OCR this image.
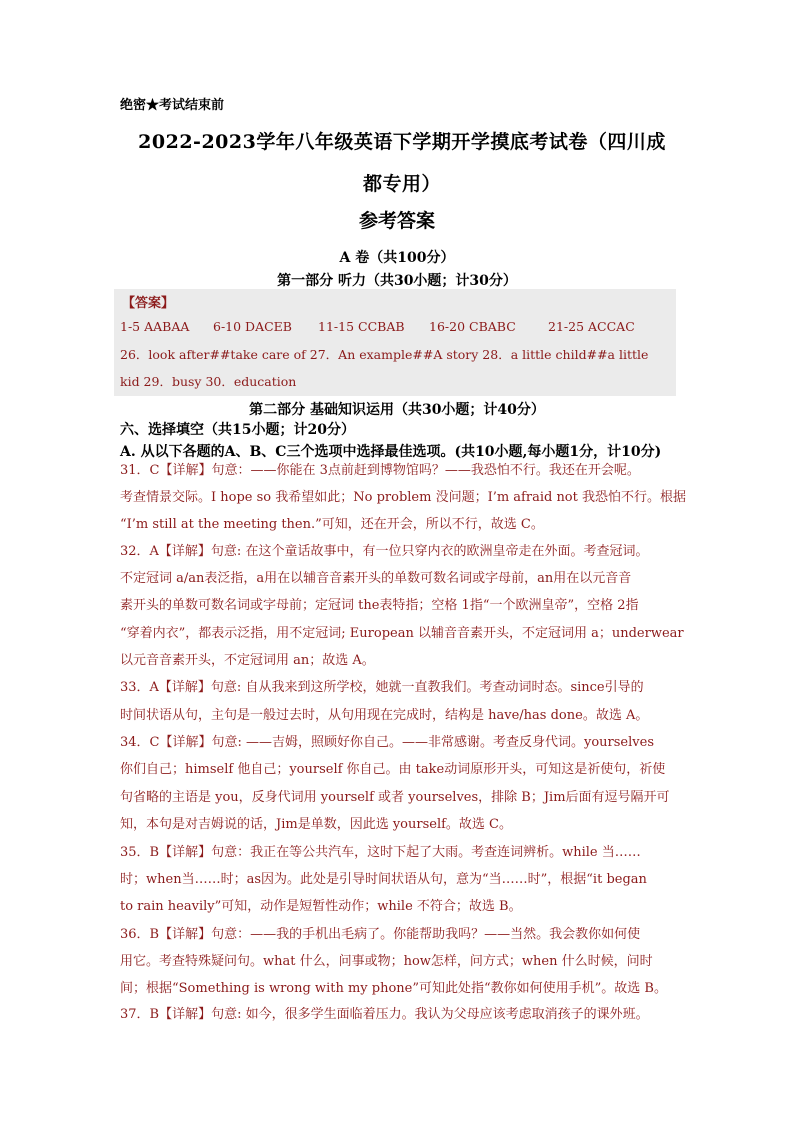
绝密★考试结束前
2022-2023学年八年级英语下学期开学摸底考试卷（四川成
都专用）
参考答案
A 卷（共100分）
第一部分 听力（共30小题；计30分）
【答案】
1-5 AABAA 6-10 DACEB 11-15 CCBAB 16-20 CBABC	21-25 ACCAC
26．look after##take care of 27．An example##A story 28．a little child##a little
kid 29．busy 30．education
第二部分 基础知识运用（共30小题；计40分）
六、选择填空（共15小题；计20分）
A. 从以下各题的A、B、C三个选项中选择最佳选项。(共10小题,每小题1分，计10分)
31．C【详解】句意：——你能在 3点前赶到博物馆吗？——我恐怕不行。我还在开会呢。
考查情景交际。I hope so 我希望如此；No problem 没问题；I’m afraid not 我恐怕不行。根据
“I’m still at the meeting then.”可知，还在开会，所以不行，故选 C。
32．A【详解】句意: 在这个童话故事中，有一位只穿内衣的欧洲皇帝走在外面。考查冠词。
不定冠词 a/an表泛指，a用在以辅音音素开头的单数可数名词或字母前，an用在以元音音
素开头的单数可数名词或字母前；定冠词 the表特指；空格 1指“一个欧洲皇帝”，空格 2指
“穿着内衣”，都表示泛指，用不定冠词; European 以辅音音素开头，不定冠词用 a；underwear
以元音音素开头，不定冠词用 an；故选 A。
33．A【详解】句意: 自从我来到这所学校，她就一直教我们。考查动词时态。since引导的
时间状语从句，主句是一般过去时，从句用现在完成时，结构是 have/has done。故选 A。
34．C【详解】句意: ——吉姆，照顾好你自己。——非常感谢。考查反身代词。yourselves
你们自己；himself 他自己；yourself 你自己。由 take动词原形开头，可知这是祈使句，祈使
句省略的主语是 you，反身代词用 yourself 或者 yourselves，排除 B；Jim后面有逗号隔开可
知，本句是对吉姆说的话，Jim是单数，因此选 yourself。故选 C。
35．B【详解】句意：我正在等公共汽车，这时下起了大雨。考查连词辨析。while 当……
时；when当……时；as因为。此处是引导时间状语从句，意为“当……时”，根据“it began
to rain heavily”可知，动作是短暂性动作；while 不符合；故选 B。
36．B【详解】句意：——我的手机出毛病了。你能帮助我吗？——当然。我会教你如何使
用它。考查特殊疑问句。what 什么，问事或物；how怎样，问方式；when 什么时候，问时
间；根据“Something is wrong with my phone”可知此处指“教你如何使用手机”。故选 B。
37．B【详解】句意: 如今，很多学生面临着压力。我认为父母应该考虑取消孩子的课外班。
